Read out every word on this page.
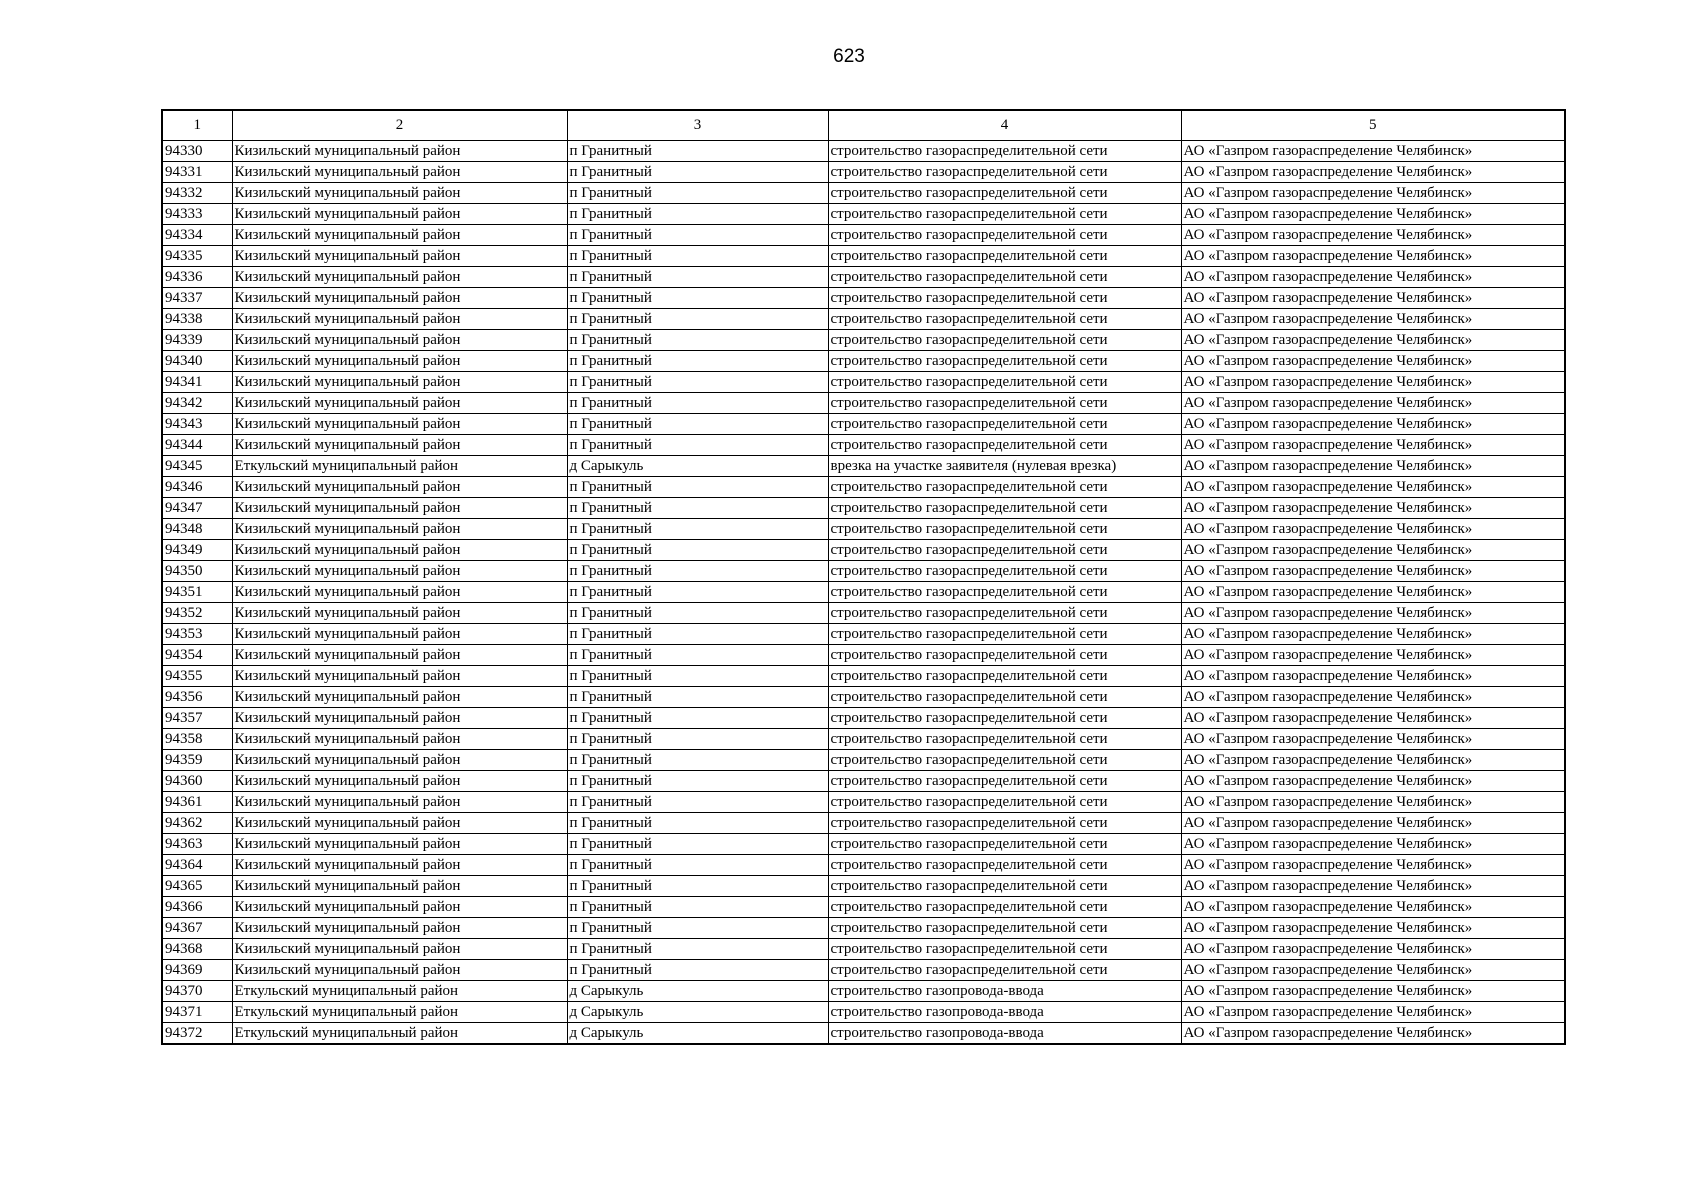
623
1	2	3	4	5
94330	Кизильский муниципальный район	п Гранитный	строительство газораспределительной сети	АО «Газпром газораспределение Челябинск»
94331	Кизильский муниципальный район	п Гранитный	строительство газораспределительной сети	АО «Газпром газораспределение Челябинск»
94332	Кизильский муниципальный район	п Гранитный	строительство газораспределительной сети	АО «Газпром газораспределение Челябинск»
94333	Кизильский муниципальный район	п Гранитный	строительство газораспределительной сети	АО «Газпром газораспределение Челябинск»
94334	Кизильский муниципальный район	п Гранитный	строительство газораспределительной сети	АО «Газпром газораспределение Челябинск»
94335	Кизильский муниципальный район	п Гранитный	строительство газораспределительной сети	АО «Газпром газораспределение Челябинск»
94336	Кизильский муниципальный район	п Гранитный	строительство газораспределительной сети	АО «Газпром газораспределение Челябинск»
94337	Кизильский муниципальный район	п Гранитный	строительство газораспределительной сети	АО «Газпром газораспределение Челябинск»
94338	Кизильский муниципальный район	п Гранитный	строительство газораспределительной сети	АО «Газпром газораспределение Челябинск»
94339	Кизильский муниципальный район	п Гранитный	строительство газораспределительной сети	АО «Газпром газораспределение Челябинск»
94340	Кизильский муниципальный район	п Гранитный	строительство газораспределительной сети	АО «Газпром газораспределение Челябинск»
94341	Кизильский муниципальный район	п Гранитный	строительство газораспределительной сети	АО «Газпром газораспределение Челябинск»
94342	Кизильский муниципальный район	п Гранитный	строительство газораспределительной сети	АО «Газпром газораспределение Челябинск»
94343	Кизильский муниципальный район	п Гранитный	строительство газораспределительной сети	АО «Газпром газораспределение Челябинск»
94344	Кизильский муниципальный район	п Гранитный	строительство газораспределительной сети	АО «Газпром газораспределение Челябинск»
94345	Еткульский муниципальный район	д Сарыкуль	врезка на участке заявителя (нулевая врезка)	АО «Газпром газораспределение Челябинск»
94346	Кизильский муниципальный район	п Гранитный	строительство газораспределительной сети	АО «Газпром газораспределение Челябинск»
94347	Кизильский муниципальный район	п Гранитный	строительство газораспределительной сети	АО «Газпром газораспределение Челябинск»
94348	Кизильский муниципальный район	п Гранитный	строительство газораспределительной сети	АО «Газпром газораспределение Челябинск»
94349	Кизильский муниципальный район	п Гранитный	строительство газораспределительной сети	АО «Газпром газораспределение Челябинск»
94350	Кизильский муниципальный район	п Гранитный	строительство газораспределительной сети	АО «Газпром газораспределение Челябинск»
94351	Кизильский муниципальный район	п Гранитный	строительство газораспределительной сети	АО «Газпром газораспределение Челябинск»
94352	Кизильский муниципальный район	п Гранитный	строительство газораспределительной сети	АО «Газпром газораспределение Челябинск»
94353	Кизильский муниципальный район	п Гранитный	строительство газораспределительной сети	АО «Газпром газораспределение Челябинск»
94354	Кизильский муниципальный район	п Гранитный	строительство газораспределительной сети	АО «Газпром газораспределение Челябинск»
94355	Кизильский муниципальный район	п Гранитный	строительство газораспределительной сети	АО «Газпром газораспределение Челябинск»
94356	Кизильский муниципальный район	п Гранитный	строительство газораспределительной сети	АО «Газпром газораспределение Челябинск»
94357	Кизильский муниципальный район	п Гранитный	строительство газораспределительной сети	АО «Газпром газораспределение Челябинск»
94358	Кизильский муниципальный район	п Гранитный	строительство газораспределительной сети	АО «Газпром газораспределение Челябинск»
94359	Кизильский муниципальный район	п Гранитный	строительство газораспределительной сети	АО «Газпром газораспределение Челябинск»
94360	Кизильский муниципальный район	п Гранитный	строительство газораспределительной сети	АО «Газпром газораспределение Челябинск»
94361	Кизильский муниципальный район	п Гранитный	строительство газораспределительной сети	АО «Газпром газораспределение Челябинск»
94362	Кизильский муниципальный район	п Гранитный	строительство газораспределительной сети	АО «Газпром газораспределение Челябинск»
94363	Кизильский муниципальный район	п Гранитный	строительство газораспределительной сети	АО «Газпром газораспределение Челябинск»
94364	Кизильский муниципальный район	п Гранитный	строительство газораспределительной сети	АО «Газпром газораспределение Челябинск»
94365	Кизильский муниципальный район	п Гранитный	строительство газораспределительной сети	АО «Газпром газораспределение Челябинск»
94366	Кизильский муниципальный район	п Гранитный	строительство газораспределительной сети	АО «Газпром газораспределение Челябинск»
94367	Кизильский муниципальный район	п Гранитный	строительство газораспределительной сети	АО «Газпром газораспределение Челябинск»
94368	Кизильский муниципальный район	п Гранитный	строительство газораспределительной сети	АО «Газпром газораспределение Челябинск»
94369	Кизильский муниципальный район	п Гранитный	строительство газораспределительной сети	АО «Газпром газораспределение Челябинск»
94370	Еткульский муниципальный район	д Сарыкуль	строительство газопровода-ввода	АО «Газпром газораспределение Челябинск»
94371	Еткульский муниципальный район	д Сарыкуль	строительство газопровода-ввода	АО «Газпром газораспределение Челябинск»
94372	Еткульский муниципальный район	д Сарыкуль	строительство газопровода-ввода	АО «Газпром газораспределение Челябинск»
